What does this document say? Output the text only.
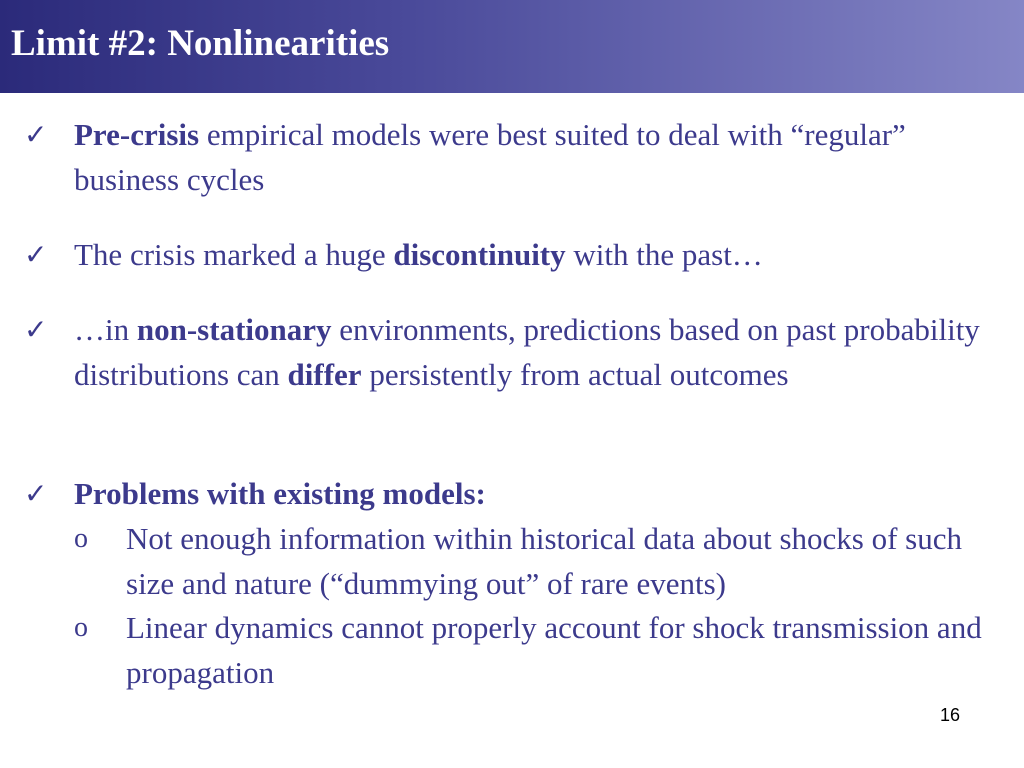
Limit #2: Nonlinearities
✓ Pre-crisis empirical models were best suited to deal with “regular” business cycles
✓ The crisis marked a huge discontinuity with the past…
✓ …in non-stationary environments, predictions based on past probability distributions can differ persistently from actual outcomes
✓ Problems with existing models:
o Not enough information within historical data about shocks of such size and nature (“dummying out” of rare events)
o Linear dynamics cannot properly account for shock transmission and propagation
16
